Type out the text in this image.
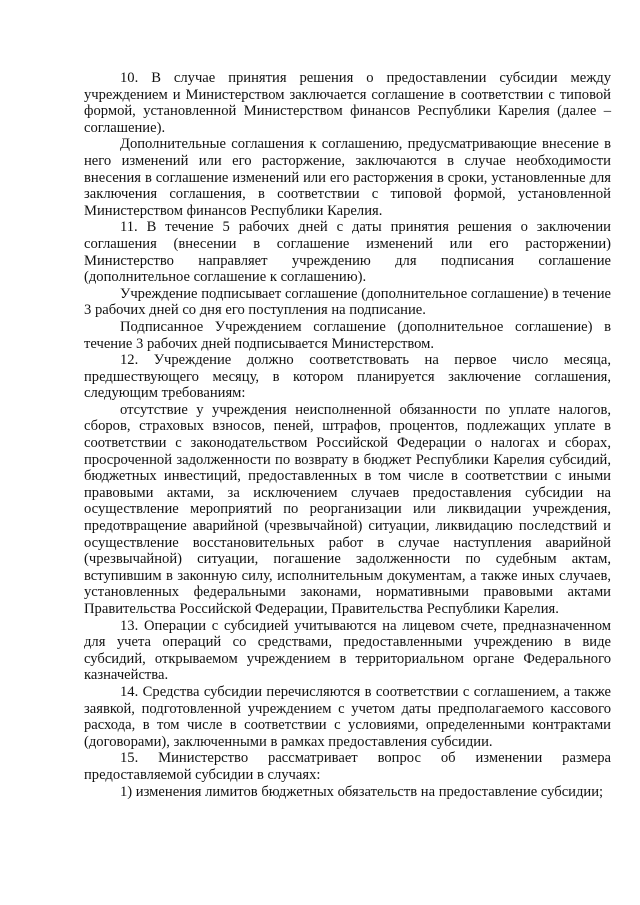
10. В случае принятия решения о предоставлении субсидии между учреждением и Министерством заключается соглашение в соответствии с типовой формой, установленной Министерством финансов Республики Карелия (далее – соглашение).

Дополнительные соглашения к соглашению, предусматривающие внесение в него изменений или его расторжение, заключаются в случае необходимости внесения в соглашение изменений или его расторжения в сроки, установленные для заключения соглашения, в соответствии с типовой формой, установленной Министерством финансов Республики Карелия.

11. В течение 5 рабочих дней с даты принятия решения о заключении соглашения (внесении в соглашение изменений или его расторжении) Министерство направляет учреждению для подписания соглашение (дополнительное соглашение к соглашению).

Учреждение подписывает соглашение (дополнительное соглашение) в течение 3 рабочих дней со дня его поступления на подписание.

Подписанное Учреждением соглашение (дополнительное соглашение) в течение 3 рабочих дней подписывается Министерством.

12. Учреждение должно соответствовать на первое число месяца, предшествующего месяцу, в котором планируется заключение соглашения, следующим требованиям:

отсутствие у учреждения неисполненной обязанности по уплате налогов, сборов, страховых взносов, пеней, штрафов, процентов, подлежащих уплате в соответствии с законодательством Российской Федерации о налогах и сборах, просроченной задолженности по возврату в бюджет Республики Карелия субсидий, бюджетных инвестиций, предоставленных в том числе в соответствии с иными правовыми актами, за исключением случаев предоставления субсидии на осуществление мероприятий по реорганизации или ликвидации учреждения, предотвращение аварийной (чрезвычайной) ситуации, ликвидацию последствий и осуществление восстановительных работ в случае наступления аварийной (чрезвычайной) ситуации, погашение задолженности по судебным актам, вступившим в законную силу, исполнительным документам, а также иных случаев, установленных федеральными законами, нормативными правовыми актами Правительства Российской Федерации, Правительства Республики Карелия.

13. Операции с субсидией учитываются на лицевом счете, предназначенном для учета операций со средствами, предоставленными учреждению в виде субсидий, открываемом учреждением в территориальном органе Федерального казначейства.

14. Средства субсидии перечисляются в соответствии с соглашением, а также заявкой, подготовленной учреждением с учетом даты предполагаемого кассового расхода, в том числе в соответствии с условиями, определенными контрактами (договорами), заключенными в рамках предоставления субсидии.

15. Министерство рассматривает вопрос об изменении размера предоставляемой субсидии в случаях:

1) изменения лимитов бюджетных обязательств на предоставление субсидии;
